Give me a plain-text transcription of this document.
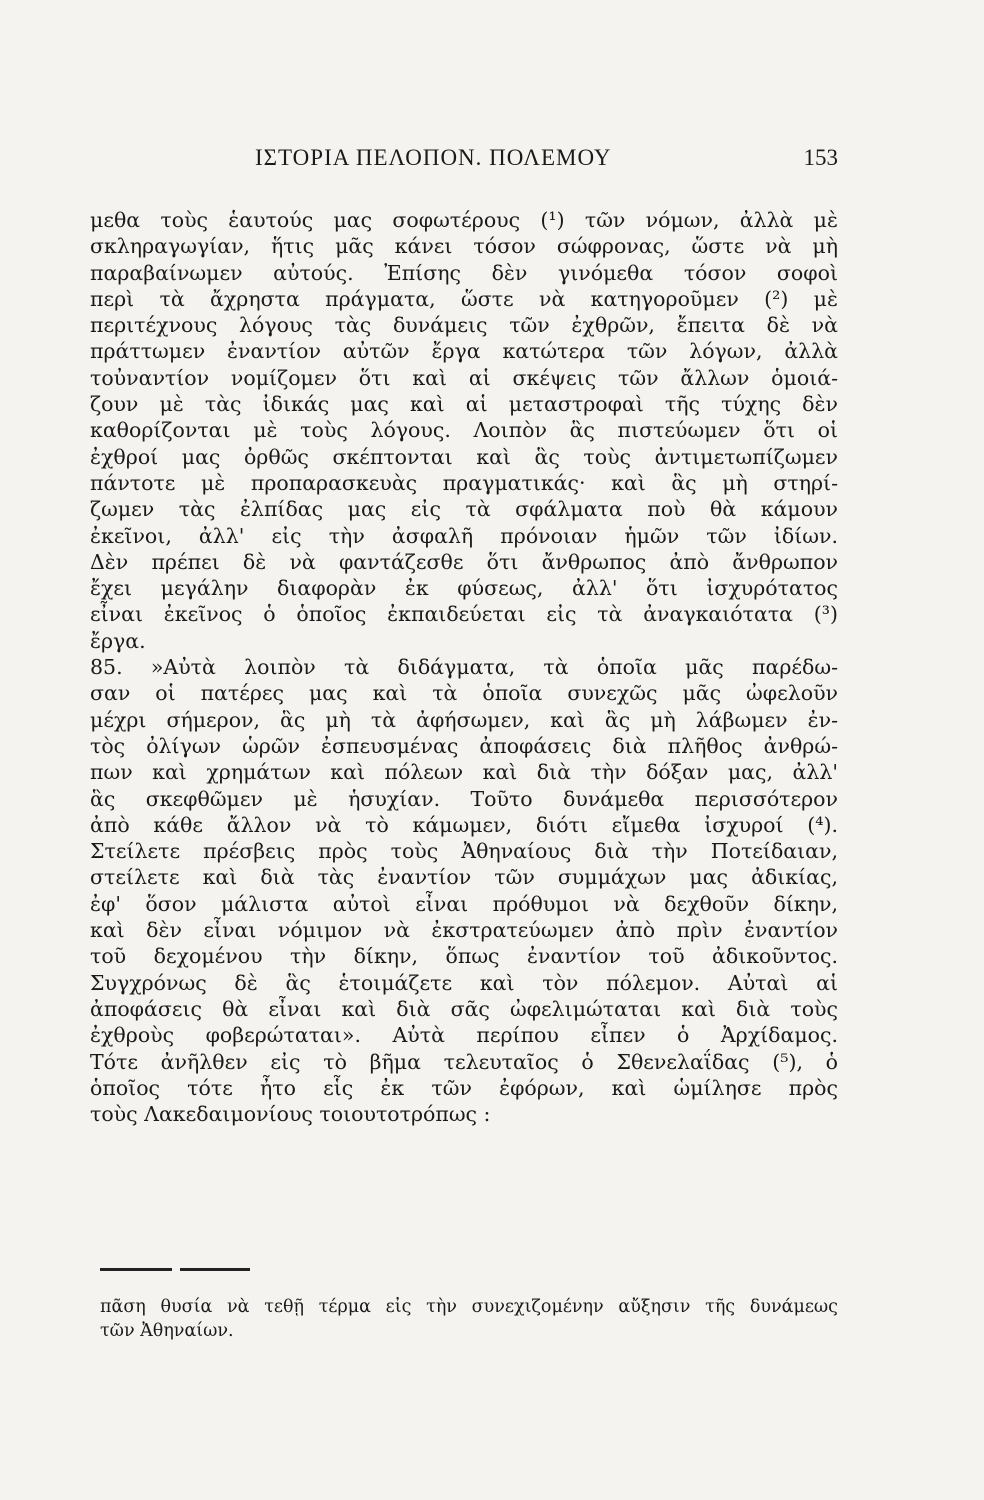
ΙΣΤΟΡΙΑ ΠΕΛΟΠΟΝ. ΠΟΛΕΜΟΥ	153
μεθα τοὺς ἑαυτούς μας σοφωτέρους (¹) τῶν νόμων, ἀλλὰ μὲ
σκληραγωγίαν, ἥτις μᾶς κάνει τόσον σώφρονας, ὥστε νὰ μὴ
παραβαίνωμεν αὐτούς. Ἐπίσης δὲν γινόμεθα τόσον σοφοὶ
περὶ τὰ ἄχρηστα πράγματα, ὥστε νὰ κατηγοροῦμεν (²) μὲ
περιτέχνους λόγους τὰς δυνάμεις τῶν ἐχθρῶν, ἔπειτα δὲ νὰ
πράττωμεν ἐναντίον αὐτῶν ἔργα κατώτερα τῶν λόγων, ἀλλὰ
τοὐναντίον νομίζομεν ὅτι καὶ αἱ σκέψεις τῶν ἄλλων ὁμοιά-
ζουν μὲ τὰς ἰδικάς μας καὶ αἱ μεταστροφαὶ τῆς τύχης δὲν
καθορίζονται μὲ τοὺς λόγους. Λοιπὸν ἃς πιστεύωμεν ὅτι οἱ
ἐχθροί μας ὀρθῶς σκέπτονται καὶ ἃς τοὺς ἀντιμετωπίζωμεν
πάντοτε μὲ προπαρασκευὰς πραγματικάς· καὶ ἃς μὴ στηρί-
ζωμεν τὰς ἐλπίδας μας εἰς τὰ σφάλματα ποὺ θὰ κάμουν
ἐκεῖνοι, ἀλλ' εἰς τὴν ἀσφαλῆ πρόνοιαν ἡμῶν τῶν ἰδίων.
Δὲν πρέπει δὲ νὰ φαντάζεσθε ὅτι ἄνθρωπος ἀπὸ ἄνθρωπον
ἔχει μεγάλην διαφορὰν ἐκ φύσεως, ἀλλ' ὅτι ἰσχυρότατος
εἶναι ἐκεῖνος ὁ ὁποῖος ἐκπαιδεύεται εἰς τὰ ἀναγκαιότατα (³)
ἔργα.
85. »Αὐτὰ λοιπὸν τὰ διδάγματα, τὰ ὁποῖα μᾶς παρέδω-
σαν οἱ πατέρες μας καὶ τὰ ὁποῖα συνεχῶς μᾶς ὠφελοῦν
μέχρι σήμερον, ἃς μὴ τὰ ἀφήσωμεν, καὶ ἃς μὴ λάβωμεν ἐν-
τὸς ὀλίγων ὡρῶν ἐσπευσμένας ἀποφάσεις διὰ πλῆθος ἀνθρώ-
πων καὶ χρημάτων καὶ πόλεων καὶ διὰ τὴν δόξαν μας, ἀλλ'
ἃς σκεφθῶμεν μὲ ἡσυχίαν. Τοῦτο δυνάμεθα περισσότερον
ἀπὸ κάθε ἄλλον νὰ τὸ κάμωμεν, διότι εἴμεθα ἰσχυροί (⁴).
Στείλετε πρέσβεις πρὸς τοὺς Ἀθηναίους διὰ τὴν Ποτείδαιαν,
στείλετε καὶ διὰ τὰς ἐναντίον τῶν συμμάχων μας ἀδικίας,
ἐφ' ὅσον μάλιστα αὐτοὶ εἶναι πρόθυμοι νὰ δεχθοῦν δίκην,
καὶ δὲν εἶναι νόμιμον νὰ ἐκστρατεύωμεν ἀπὸ πρὶν ἐναντίον
τοῦ δεχομένου τὴν δίκην, ὅπως ἐναντίον τοῦ ἀδικοῦντος.
Συγχρόνως δὲ ἃς ἑτοιμάζετε καὶ τὸν πόλεμον. Αὐταὶ αἱ
ἀποφάσεις θὰ εἶναι καὶ διὰ σᾶς ὠφελιμώταται καὶ διὰ τοὺς
ἐχθροὺς φοβερώταται». Αὐτὰ περίπου εἶπεν ὁ Ἀρχίδαμος.
Τότε ἀνῆλθεν εἰς τὸ βῆμα τελευταῖος ὁ Σθενελαΐδας (⁵), ὁ
ὁποῖος τότε ἦτο εἷς ἐκ τῶν ἐφόρων, καὶ ὡμίλησε πρὸς
τοὺς Λακεδαιμονίους τοιουτοτρόπως :
πᾶση θυσία νὰ τεθῇ τέρμα εἰς τὴν συνεχιζομένην αὔξησιν τῆς δυνάμεως
τῶν Ἀθηναίων.
